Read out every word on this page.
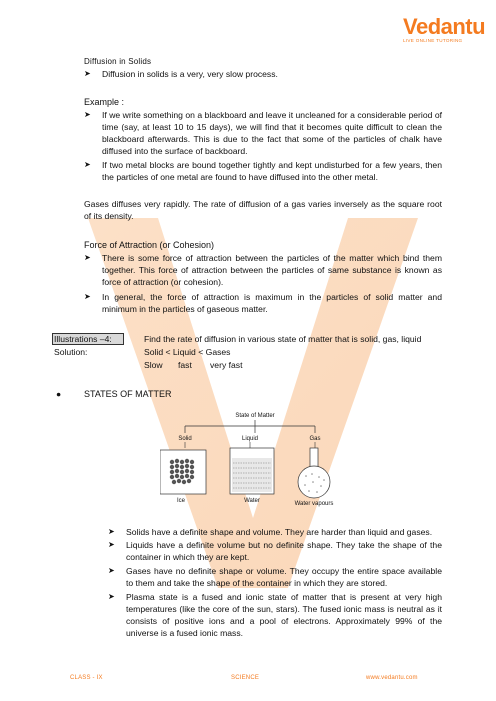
Vedantu
LIVE ONLINE TUTORING
Diffusion in Solids
➤ Diffusion in solids is a very, very slow process.
Example :
➤ If we write something on a blackboard and leave it uncleaned for a considerable period of time (say, at least 10 to 15 days), we will find that it becomes quite difficult to clean the blackboard afterwards. This is due to the fact that some of the particles of chalk have diffused into the surface of backboard.
➤ If two metal blocks are bound together tightly and kept undisturbed for a few years, then the particles of one metal are found to have diffused into the other metal.
Gases diffuses very rapidly. The rate of diffusion of a gas varies inversely as the square root of its density.
Force of Attraction (or Cohesion)
➤ There is some force of attraction between the particles of the matter which bind them together. This force of attraction between the particles of same substance is known as force of attraction (or cohesion).
➤ In general, the force of attraction is maximum in the particles of solid matter and minimum in the particles of gaseous matter.
Illustrations –4:	Find the rate of diffusion in various state of matter that is solid, gas, liquid
Solution:	Solid < Liquid < Gases
Slow fast very fast
●	STATES OF MATTER
State of Matter
Solid	Liquid	Gas
Ice	Water	Water vapours
➤ Solids have a definite shape and volume. They are harder than liquid and gases.
➤ Liquids have a definite volume but no definite shape. They take the shape of the container in which they are kept.
➤ Gases have no definite shape or volume. They occupy the entire space available to them and take the shape of the container in which they are stored.
➤ Plasma state is a fused and ionic state of matter that is present at very high temperatures (like the core of the sun, stars). The fused ionic mass is neutral as it consists of positive ions and a pool of electrons. Approximately 99% of the universe is a fused ionic mass.
CLASS - IX	SCIENCE	www.vedantu.com
